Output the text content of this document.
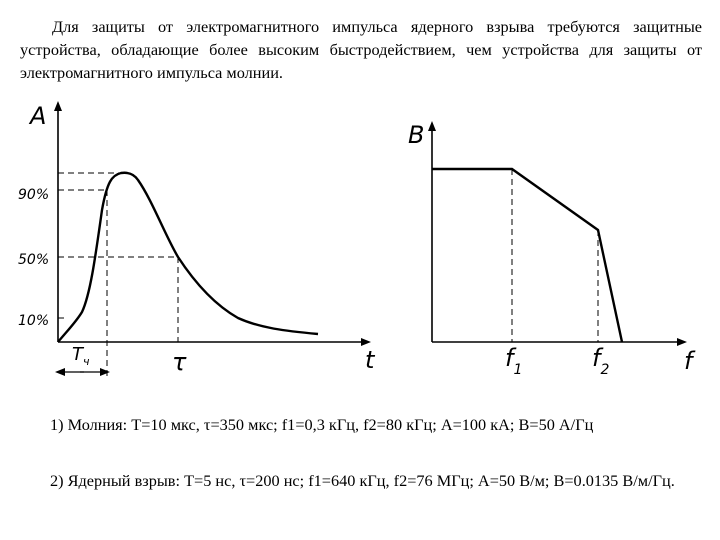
Для защиты от электромагнитного импульса ядерного взрыва требуются защитные устройства, обладающие более высоким быстродействием, чем устройства для защиты от электромагнитного импульса молнии.

A
t
90%
50%
10%
$T_ч$	τ
B
f
$f_1$	$f_2$

1) Молния: T=10 мкс, τ=350 мкс; f1=0,3 кГц, f2=80 кГц; A=100 кА; B=50 А/Гц

2) Ядерный взрыв: T=5 нс, τ=200 нс; f1=640 кГц, f2=76 МГц; A=50 В/м; B=0.0135 В/м/Гц.
